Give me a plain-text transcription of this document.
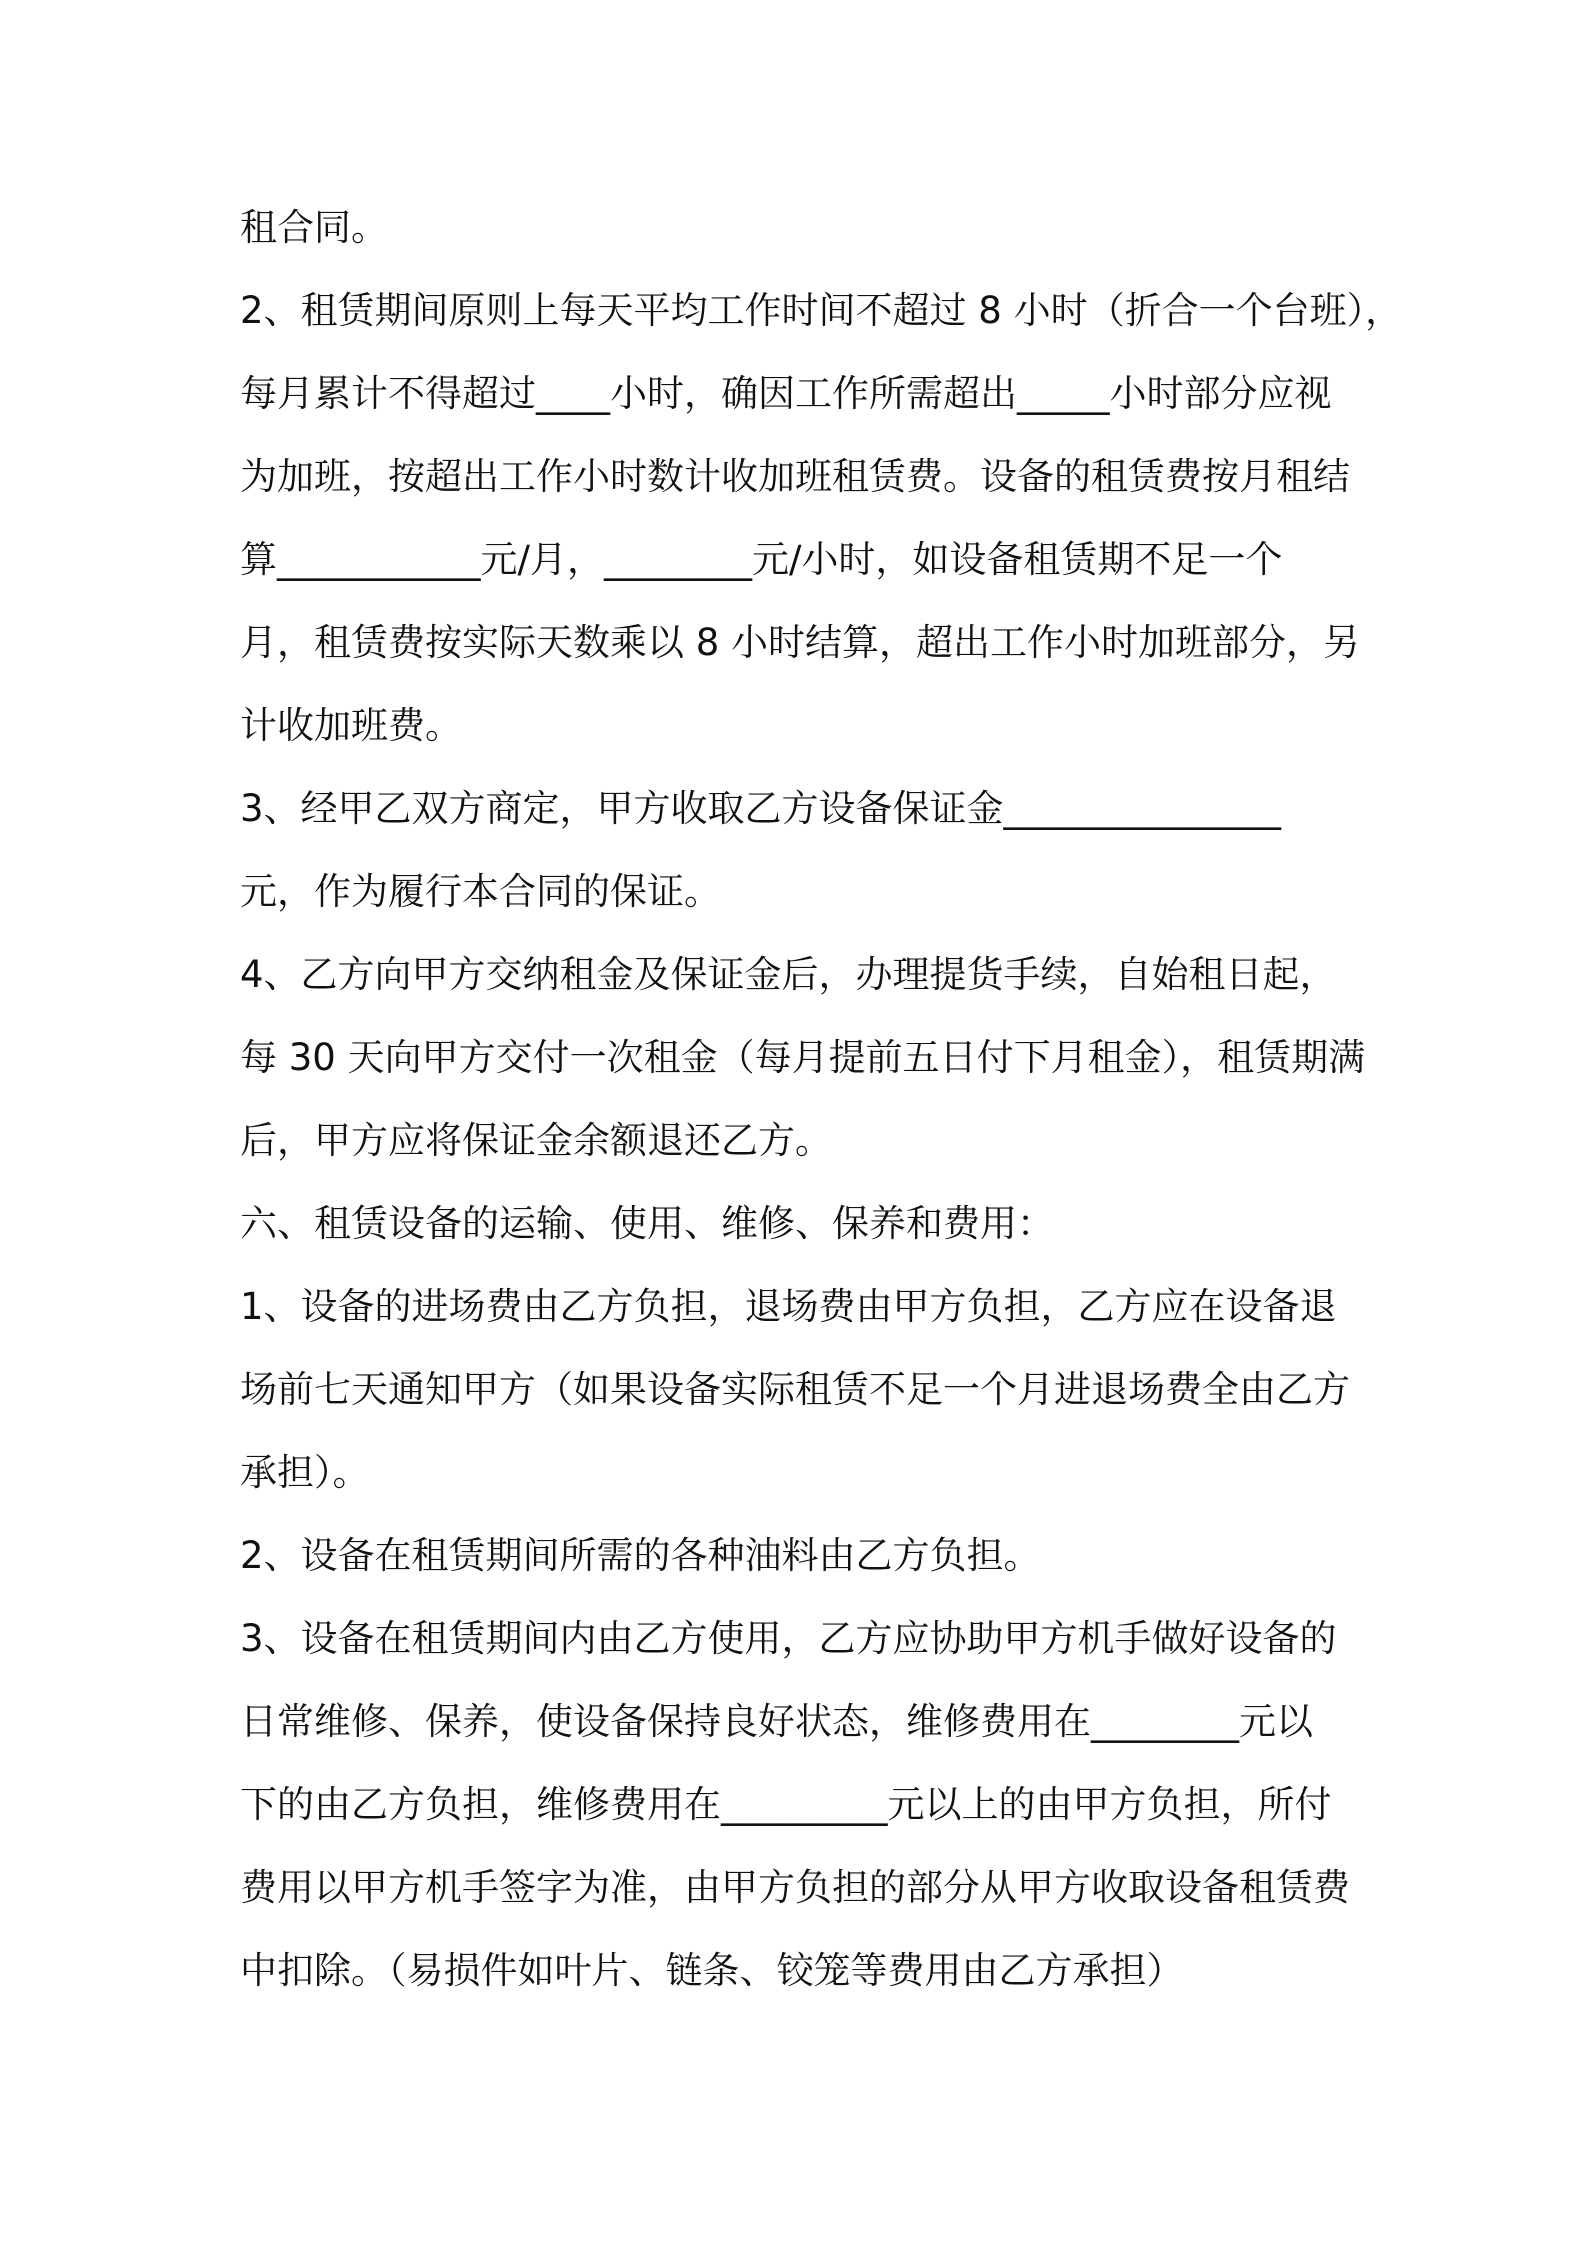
租合同。
2、租赁期间原则上每天平均工作时间不超过 8 小时（折合一个台班），
每月累计不得超过____小时，确因工作所需超出_____小时部分应视
为加班，按超出工作小时数计收加班租赁费。设备的租赁费按月租结
算___________元/月，________元/小时，如设备租赁期不足一个
月，租赁费按实际天数乘以 8 小时结算，超出工作小时加班部分，另
计收加班费。
3、经甲乙双方商定，甲方收取乙方设备保证金_______________
元，作为履行本合同的保证。
4、乙方向甲方交纳租金及保证金后，办理提货手续，自始租日起，
每 30 天向甲方交付一次租金（每月提前五日付下月租金），租赁期满
后，甲方应将保证金余额退还乙方。
六、租赁设备的运输、使用、维修、保养和费用：
1、设备的进场费由乙方负担，退场费由甲方负担，乙方应在设备退
场前七天通知甲方（如果设备实际租赁不足一个月进退场费全由乙方
承担）。
2、设备在租赁期间所需的各种油料由乙方负担。
3、设备在租赁期间内由乙方使用，乙方应协助甲方机手做好设备的
日常维修、保养，使设备保持良好状态，维修费用在________元以
下的由乙方负担，维修费用在_________元以上的由甲方负担，所付
费用以甲方机手签字为准，由甲方负担的部分从甲方收取设备租赁费
中扣除。（易损件如叶片、链条、铰笼等费用由乙方承担）
